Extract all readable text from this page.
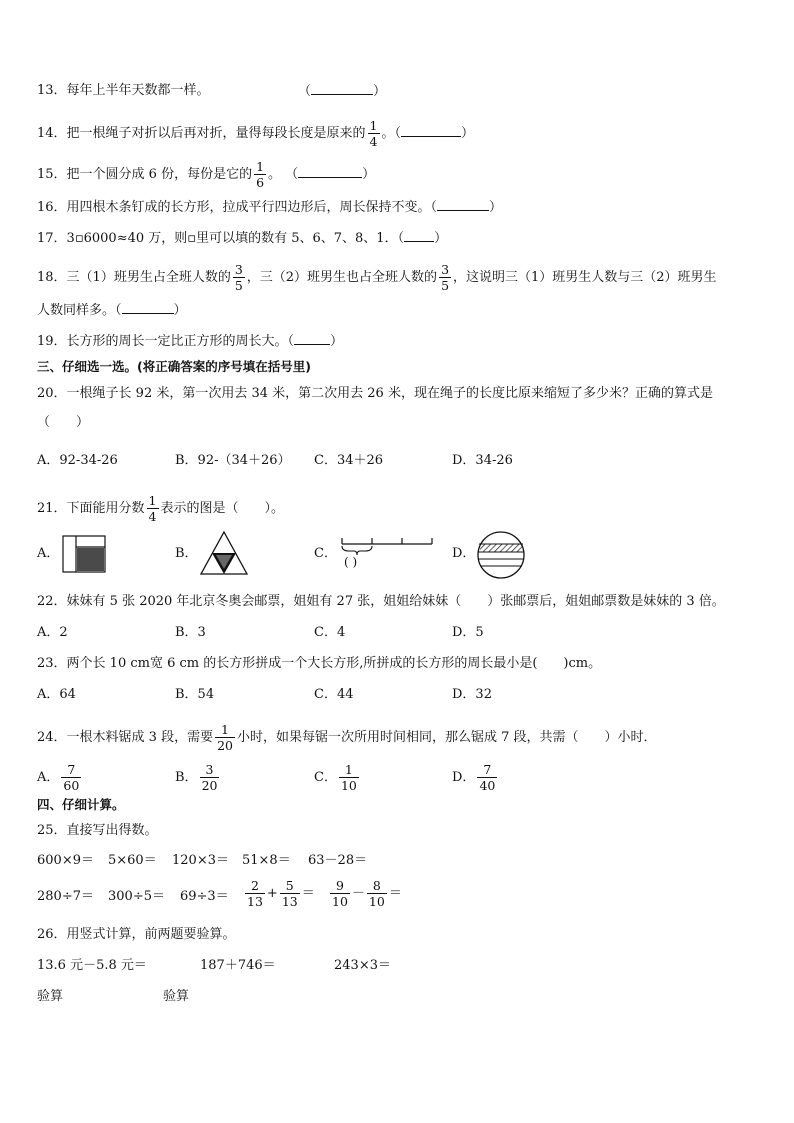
13．每年上半年天数都一样。	（	）
14．把一根绳子对折以后再对折，量得每段长度是原来的 $\frac{1}{4}$ 。（	）
15．把一个圆分成 6 份，每份是它的 $\frac{1}{6}$ 。 （	）
16．用四根木条钉成的长方形，拉成平行四边形后，周长保持不变。（	）
17．3▫6000≈40 万，则▫里可以填的数有 5、6、7、8、1．（ ）
18．三（1）班男生占全班人数的 $\frac{3}{5}$ ，三（2）班男生也占全班人数的 $\frac{3}{5}$ ，这说明三（1）班男生人数与三（2）班男生
人数同样多。（	）
19．长方形的周长一定比正方形的周长大。（	）
三、仔细选一选。(将正确答案的序号填在括号里)
20．一根绳子长 92 米，第一次用去 34 米，第二次用去 26 米，现在绳子的长度比原来缩短了多少米？正确的算式是
（　　）
A．92-34-26	B．92-（34＋26） C．34＋26	D．34-26
21．下面能用分数 $\frac{1}{4}$ 表示的图是（　　）。
A．	B．	C．
( )
D．
22．妹妹有 5 张 2020 年北京冬奥会邮票，姐姐有 27 张，姐姐给妹妹（　　）张邮票后，姐姐邮票数是妹妹的 3 倍。
A．2	B．3	C．4	D．5
23．两个长 10 cm宽 6 cm 的长方形拼成一个大长方形,所拼成的长方形的周长最小是(　　)cm。
A．64	B．54	C．44	D．32
24．一根木料锯成 3 段，需要 $\frac{1}{20}$ 小时，如果每锯一次所用时间相同，那么锯成 7 段，共需（　　）小时．
A． $\frac{7}{60}$	B． $\frac{3}{20}$	C． $\frac{1}{10}$	D． $\frac{7}{40}$
四、仔细计算。
25．直接写出得数。
600×9＝ 5×60＝ 120×3＝ 51×8＝ 63－28＝
$280\div 7= 300\div 5= 69\div 3= \frac{2}{13} + \frac{5}{13} = \frac{9}{10} - \frac{8}{10}$ ＝
26．用竖式计算，前两题要验算。
13.6 元－5.8 元＝	187＋746＝	243×3＝
验算	验算
